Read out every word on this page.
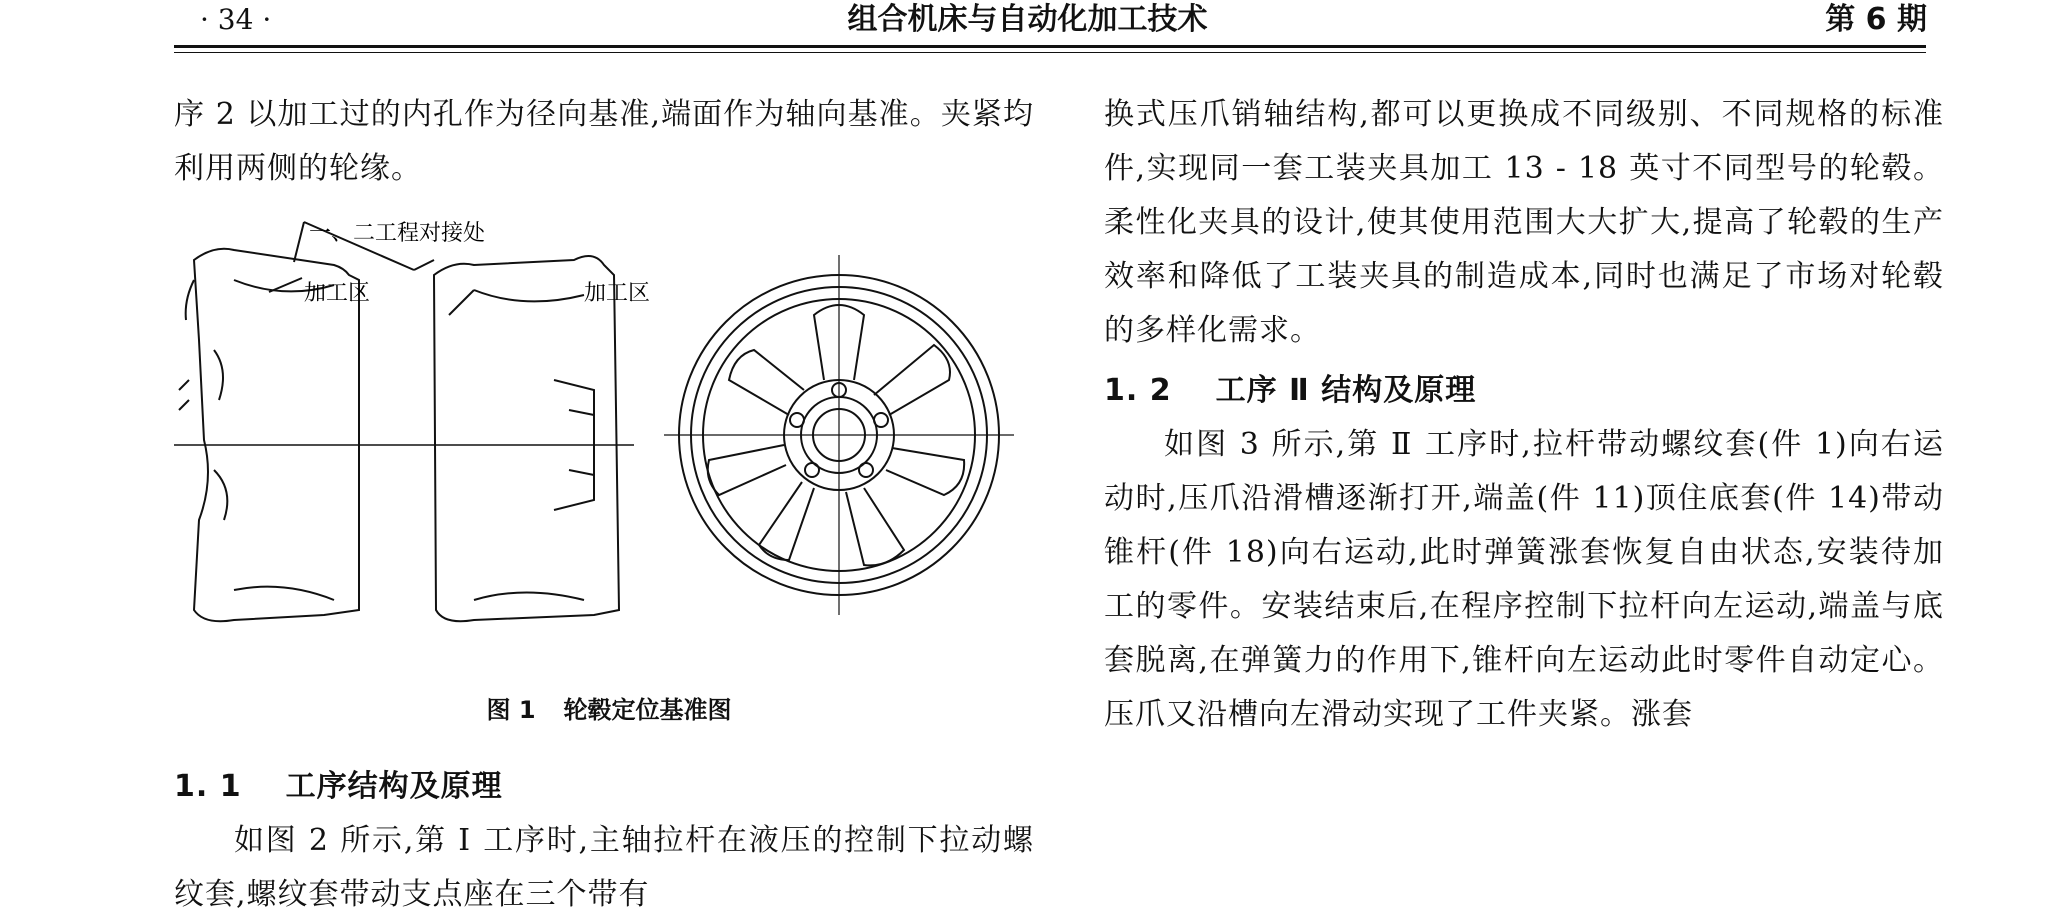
· 34 ·	组合机床与自动化加工技术	第 6 期

序 2 以加工过的内孔作为径向基准,端面作为轴向基准。夹紧均利用两侧的轮缘。

一、二工程对接处
加工区	加工区
图 1 轮毂定位基准图

1. 1 工序结构及原理

如图 2 所示,第 Ⅰ 工序时,主轴拉杆在液压的控制下拉动螺纹套,螺纹套带动支点座在三个带有

换式压爪销轴结构,都可以更换成不同级别、不同规格的标准件,实现同一套工装夹具加工 13 - 18 英寸不同型号的轮毂。柔性化夹具的设计,使其使用范围大大扩大,提高了轮毂的生产效率和降低了工装夹具的制造成本,同时也满足了市场对轮毂的多样化需求。

1. 2 工序 Ⅱ 结构及原理

如图 3 所示,第 Ⅱ 工序时,拉杆带动螺纹套(件 1)向右运动时,压爪沿滑槽逐渐打开,端盖(件 11)顶住底套(件 14)带动锥杆(件 18)向右运动,此时弹簧涨套恢复自由状态,安装待加工的零件。安装结束后,在程序控制下拉杆向左运动,端盖与底套脱离,在弹簧力的作用下,锥杆向左运动此时零件自动定心。压爪又沿槽向左滑动实现了工件夹紧。涨套
